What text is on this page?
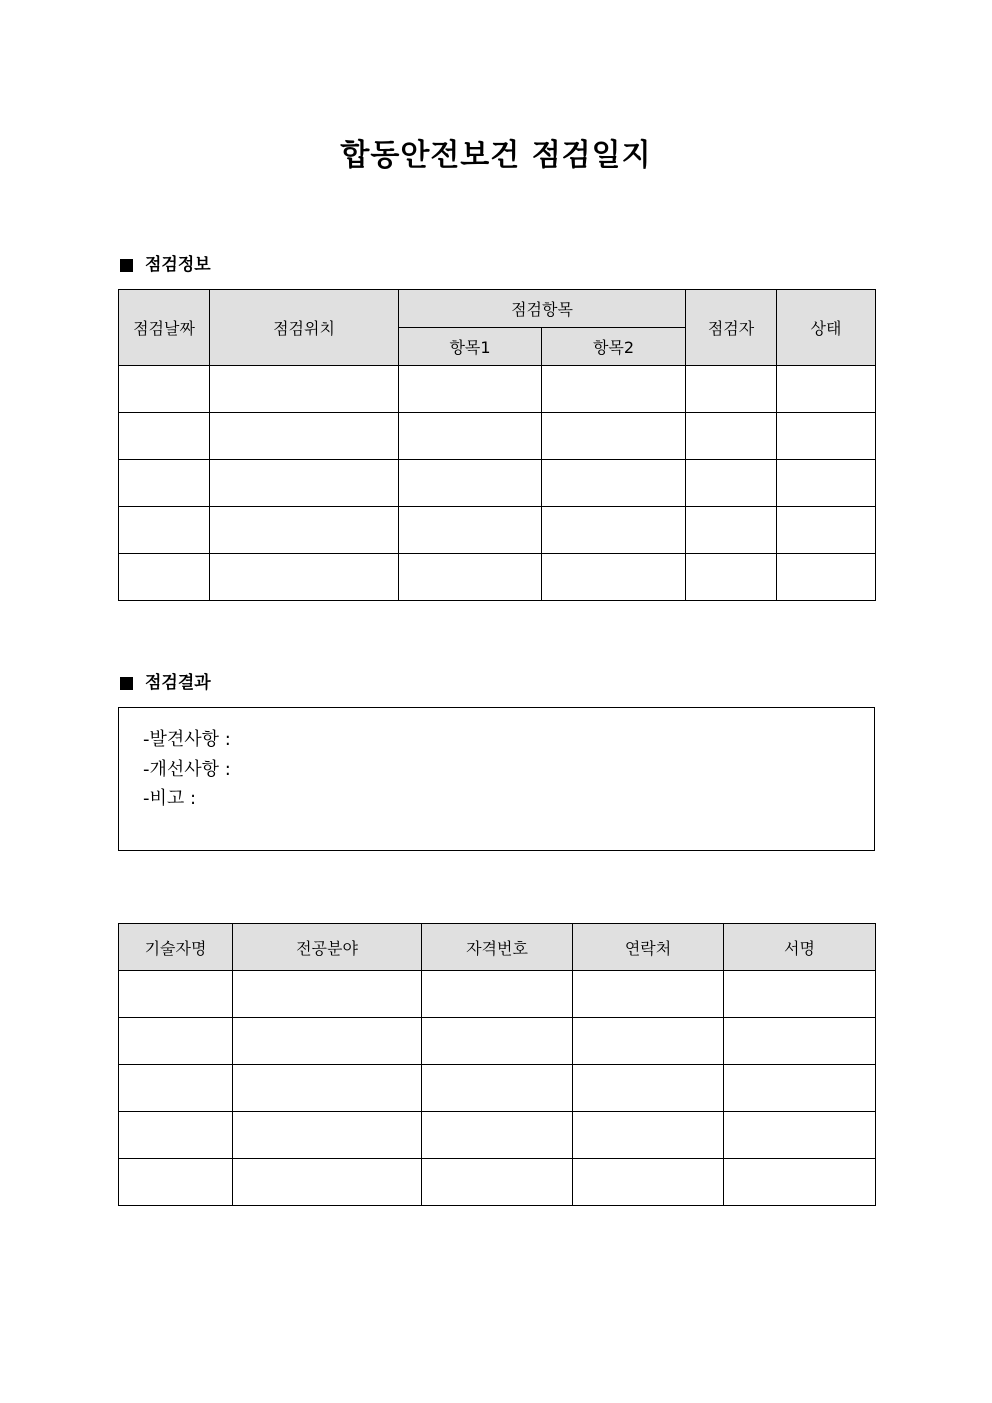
합동안전보건 점검일지
점검정보
점검날짜	점검위치	점검항목		점검자	상태
		항목1	항목2		

점검결과
-발견사항 :
-개선사항 :
-비고 :
기술자명	전공분야	자격번호	연락처	서명
